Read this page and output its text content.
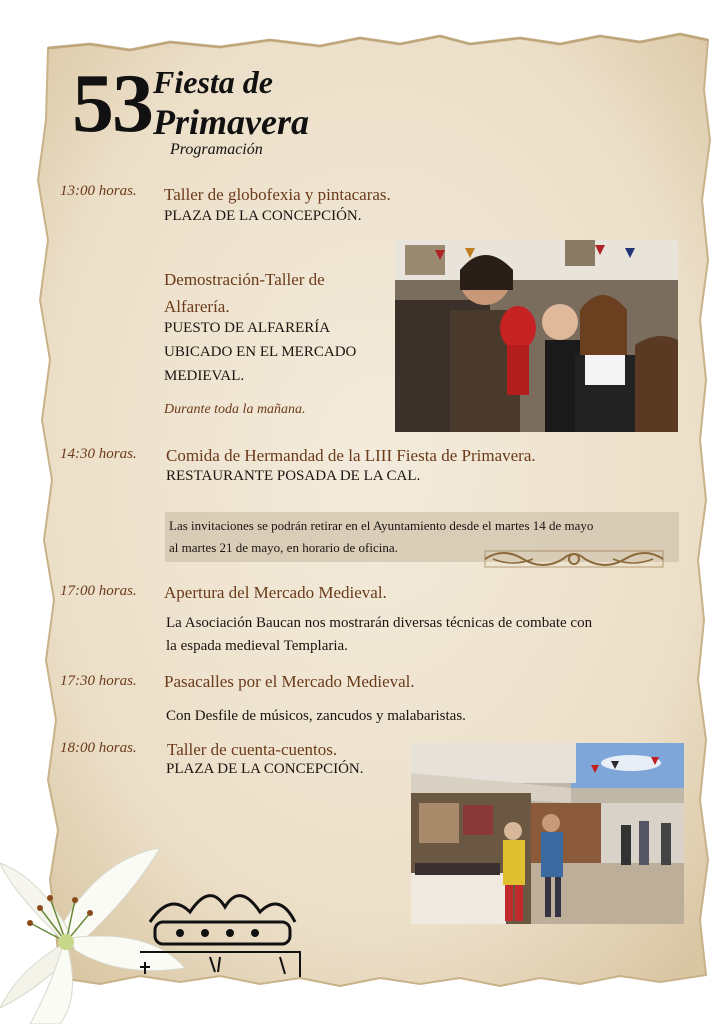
53 Fiesta de
Primavera
Programación
13:00 horas. Taller de globofexia y pintacaras.
PLAZA DE LA CONCEPCIÓN.
Demostración-Taller de
Alfarería.
PUESTO DE ALFARERÍA
UBICADO EN EL MERCADO
MEDIEVAL.
Durante toda la mañana.
14:30 horas. Comida de Hermandad de la LIII Fiesta de Primavera.
RESTAURANTE POSADA DE LA CAL.
Las invitaciones se podrán retirar en el Ayuntamiento desde el martes 14 de mayo
al martes 21 de mayo, en horario de oficina.
17:00 horas. Apertura del Mercado Medieval.
La Asociación Baucan nos mostrarán diversas técnicas de combate con
la espada medieval Templaria.
17:30 horas. Pasacalles por el Mercado Medieval.
Con Desfile de músicos, zancudos y malabaristas.
18:00 horas. Taller de cuenta-cuentos.
PLAZA DE LA CONCEPCIÓN.
